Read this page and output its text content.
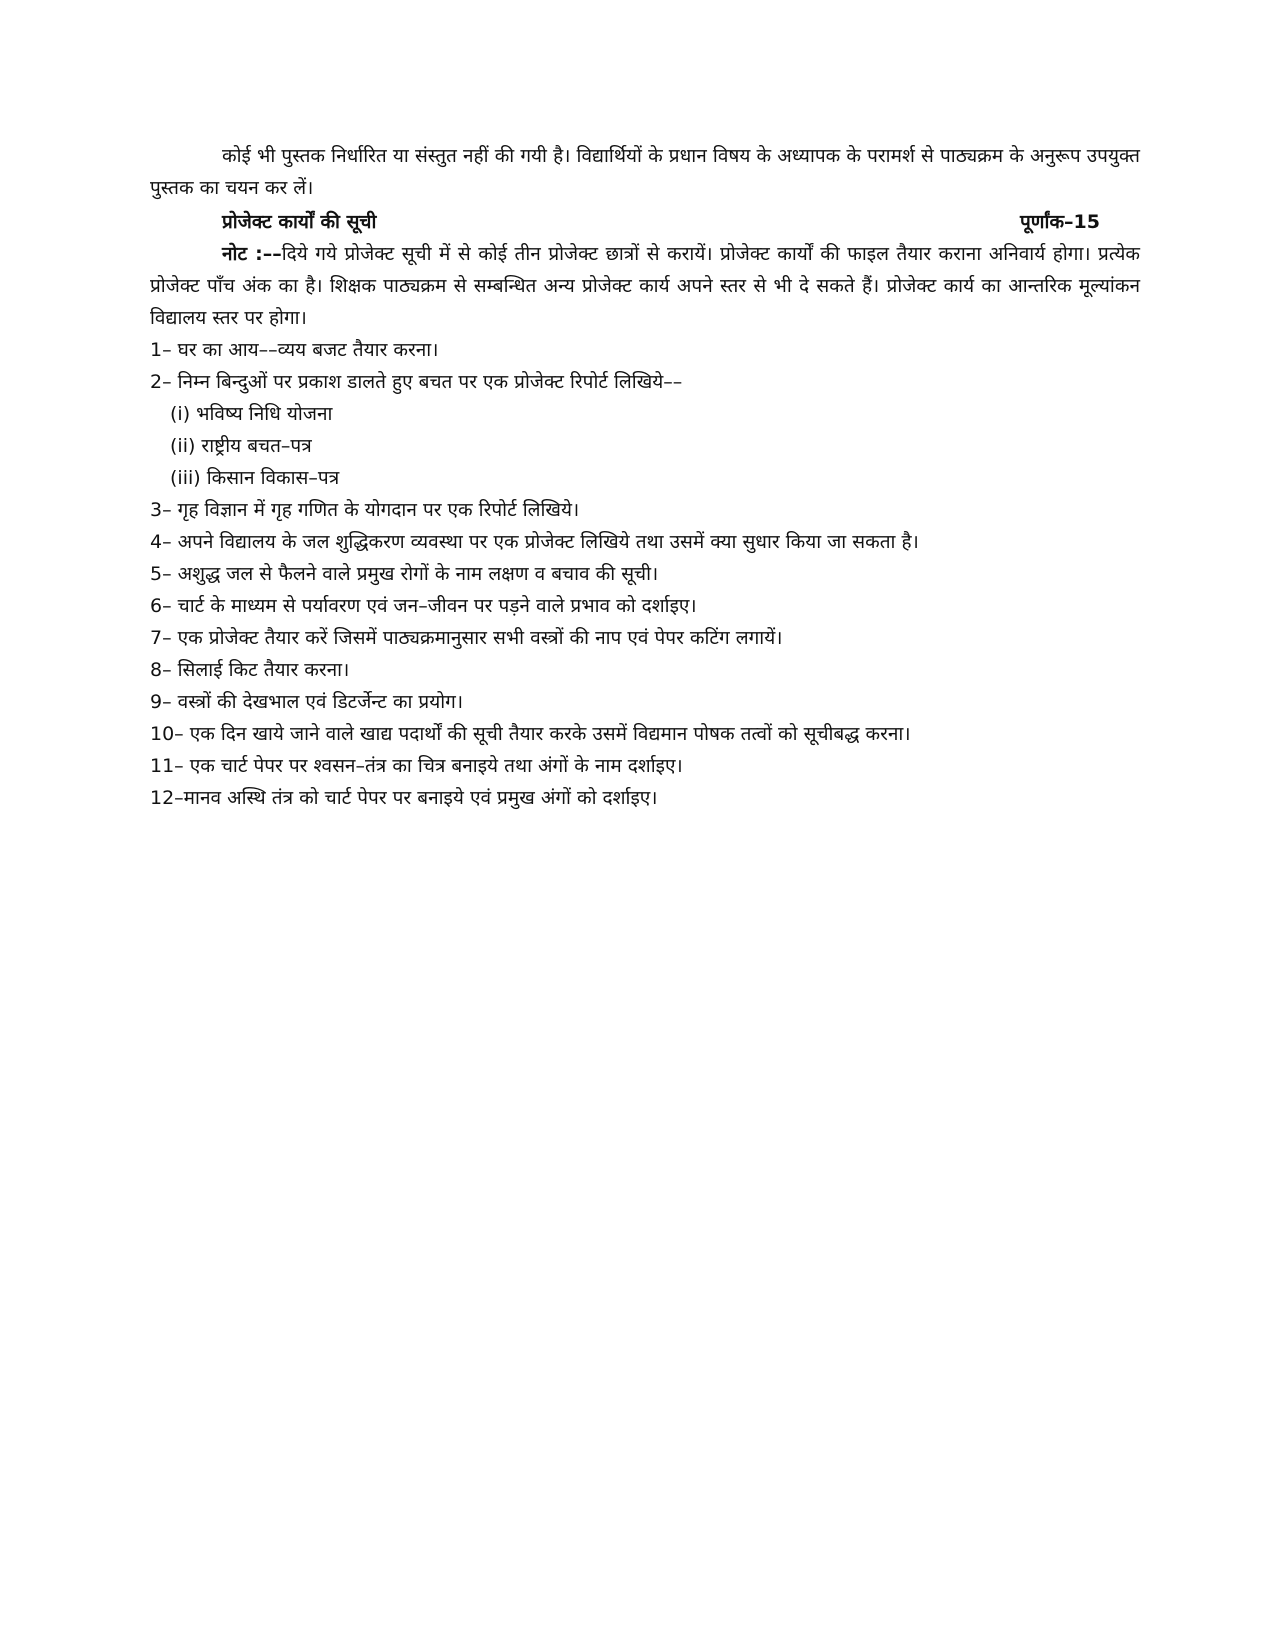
कोई भी पुस्तक निर्धारित या संस्तुत नहीं की गयी है। विद्यार्थियों के प्रधान विषय के अध्यापक के परामर्श से पाठ्यक्रम के अनुरूप उपयुक्त पुस्तक का चयन कर लें।

प्रोजेक्ट कार्यों की सूची	पूर्णांक–15

नोट :––दिये गये प्रोजेक्ट सूची में से कोई तीन प्रोजेक्ट छात्रों से करायें। प्रोजेक्ट कार्यों की फाइल तैयार कराना अनिवार्य होगा। प्रत्येक प्रोजेक्ट पाँच अंक का है। शिक्षक पाठ्यक्रम से सम्बन्धित अन्य प्रोजेक्ट कार्य अपने स्तर से भी दे सकते हैं। प्रोजेक्ट कार्य का आन्तरिक मूल्यांकन विद्यालय स्तर पर होगा।

1– घर का आय––व्यय बजट तैयार करना।
2– निम्न बिन्दुओं पर प्रकाश डालते हुए बचत पर एक प्रोजेक्ट रिपोर्ट लिखिये––
(i) भविष्य निधि योजना
(ii) राष्ट्रीय बचत–पत्र
(iii) किसान विकास–पत्र
3– गृह विज्ञान में गृह गणित के योगदान पर एक रिपोर्ट लिखिये।
4– अपने विद्यालय के जल शुद्धिकरण व्यवस्था पर एक प्रोजेक्ट लिखिये तथा उसमें क्या सुधार किया जा सकता है।
5– अशुद्ध जल से फैलने वाले प्रमुख रोगों के नाम लक्षण व बचाव की सूची।
6– चार्ट के माध्यम से पर्यावरण एवं जन–जीवन पर पड़ने वाले प्रभाव को दर्शाइए।
7– एक प्रोजेक्ट तैयार करें जिसमें पाठ्यक्रमानुसार सभी वस्त्रों की नाप एवं पेपर कटिंग लगायें।
8– सिलाई किट तैयार करना।
9– वस्त्रों की देखभाल एवं डिटर्जेन्ट का प्रयोग।
10– एक दिन खाये जाने वाले खाद्य पदार्थों की सूची तैयार करके उसमें विद्यमान पोषक तत्वों को सूचीबद्ध करना।
11– एक चार्ट पेपर पर श्वसन–तंत्र का चित्र बनाइये तथा अंगों के नाम दर्शाइए।
12–मानव अस्थि तंत्र को चार्ट पेपर पर बनाइये एवं प्रमुख अंगों को दर्शाइए।
